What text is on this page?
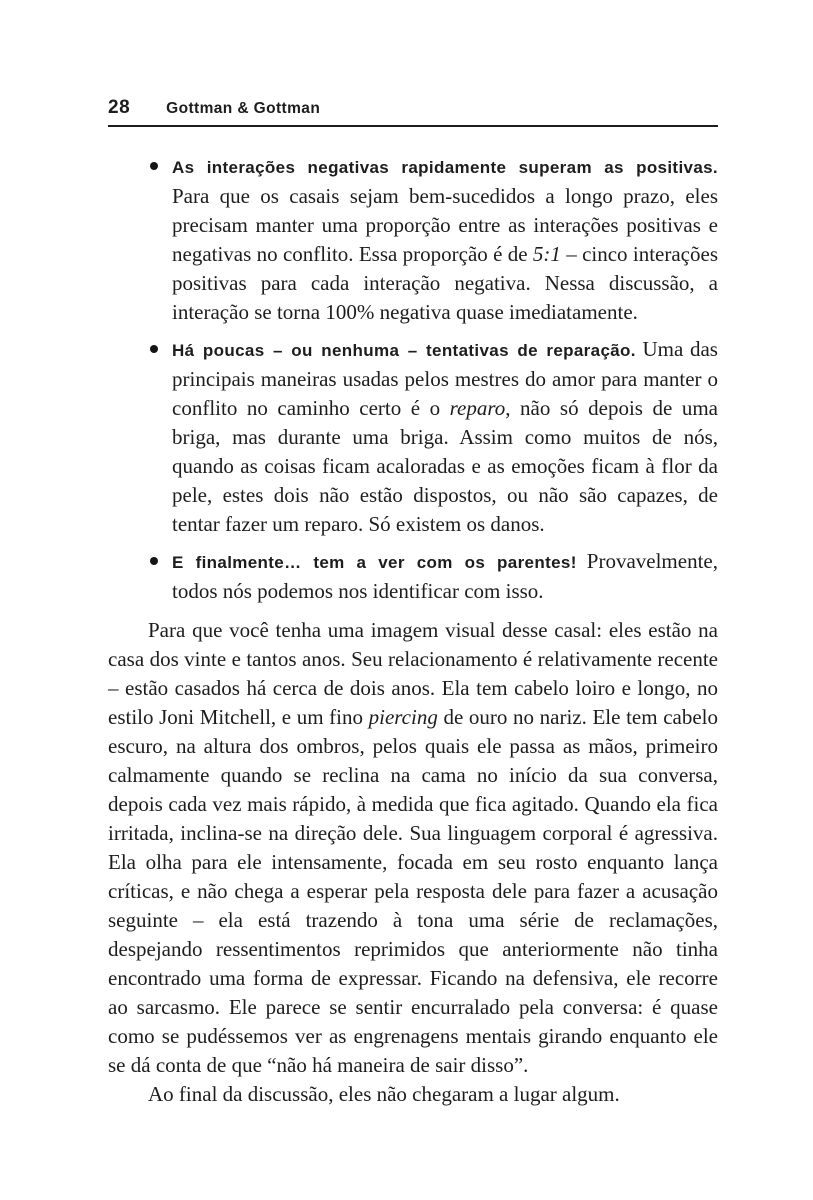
28 Gottman & Gottman
As interações negativas rapidamente superam as positivas. Para que os casais sejam bem-sucedidos a longo prazo, eles precisam manter uma proporção entre as interações positivas e negativas no conflito. Essa proporção é de 5:1 – cinco interações positivas para cada interação negativa. Nessa discussão, a interação se torna 100% negativa quase imediatamente.
Há poucas – ou nenhuma – tentativas de reparação. Uma das principais maneiras usadas pelos mestres do amor para manter o conflito no caminho certo é o reparo, não só depois de uma briga, mas durante uma briga. Assim como muitos de nós, quando as coisas ficam acaloradas e as emoções ficam à flor da pele, estes dois não estão dispostos, ou não são capazes, de tentar fazer um reparo. Só existem os danos.
E finalmente… tem a ver com os parentes! Provavelmente, todos nós podemos nos identificar com isso.

Para que você tenha uma imagem visual desse casal: eles estão na casa dos vinte e tantos anos. Seu relacionamento é relativamente recente – estão casados há cerca de dois anos. Ela tem cabelo loiro e longo, no estilo Joni Mitchell, e um fino piercing de ouro no nariz. Ele tem cabelo escuro, na altura dos ombros, pelos quais ele passa as mãos, primeiro calmamente quando se reclina na cama no início da sua conversa, depois cada vez mais rápido, à medida que fica agitado. Quando ela fica irritada, inclina-se na direção dele. Sua linguagem corporal é agressiva. Ela olha para ele intensamente, focada em seu rosto enquanto lança críticas, e não chega a esperar pela resposta dele para fazer a acusação seguinte – ela está trazendo à tona uma série de reclamações, despejando ressentimentos reprimidos que anteriormente não tinha encontrado uma forma de expressar. Ficando na defensiva, ele recorre ao sarcasmo. Ele parece se sentir encurralado pela conversa: é quase como se pudéssemos ver as engrenagens mentais girando enquanto ele se dá conta de que “não há maneira de sair disso”.

Ao final da discussão, eles não chegaram a lugar algum.
